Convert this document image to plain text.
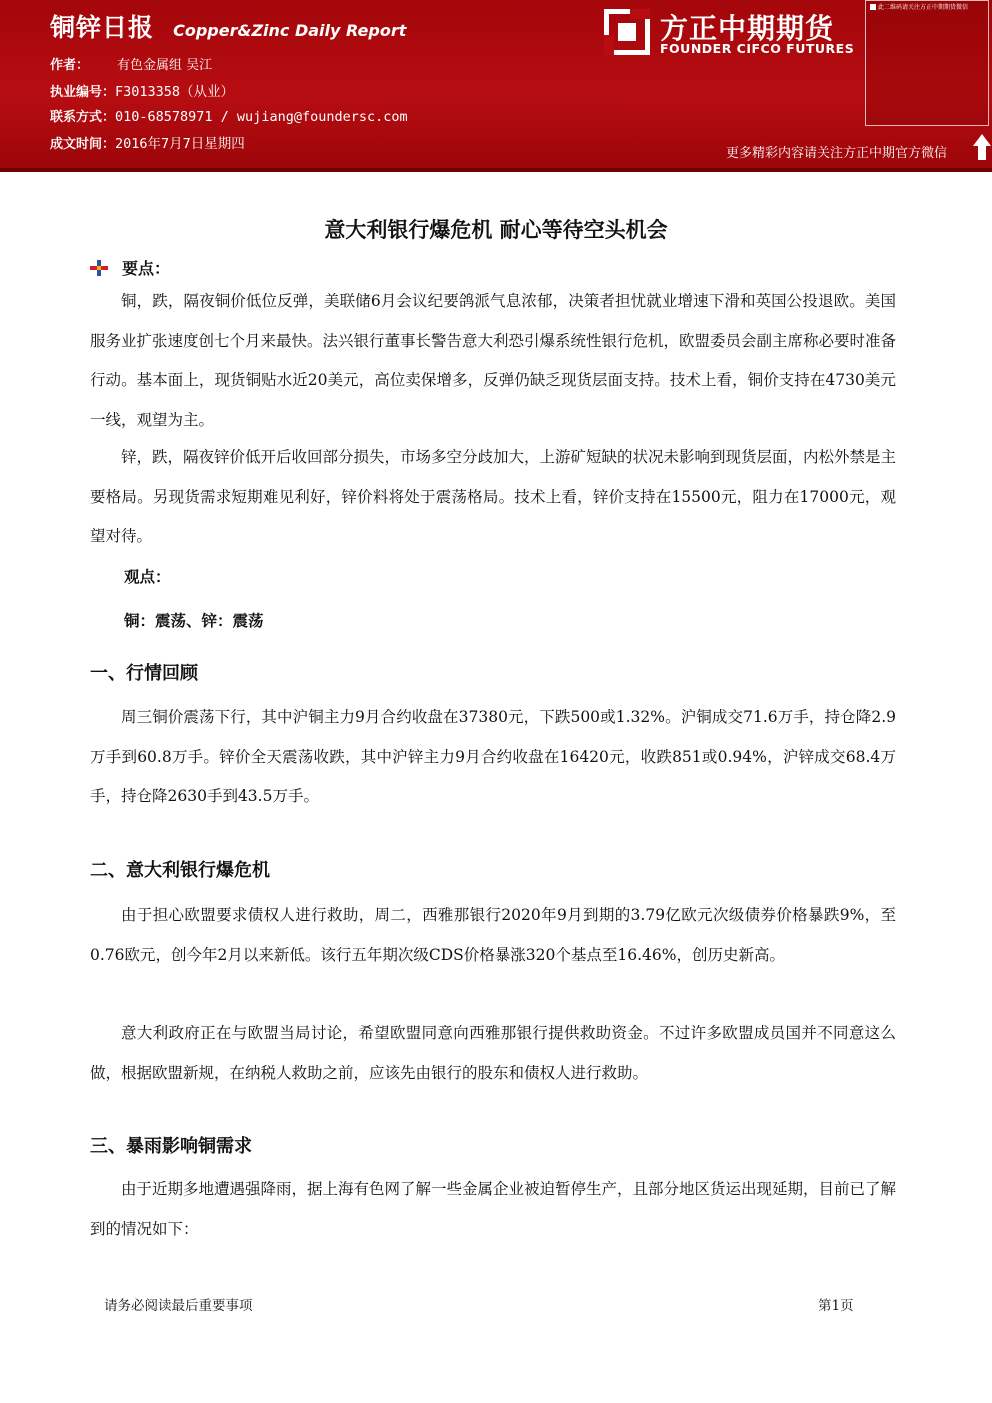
铜锌日报 Copper&Zinc Daily Report
作者： 有色金属组 吴江
执业编号：F3013358（从业）
联系方式：010-68578971 / wujiang@foundersc.com
成文时间：2016年7月7日星期四
方正中期期货
FOUNDER CIFCO FUTURES
此二维码请关注方正中期期货微信
更多精彩内容请关注方正中期官方微信
意大利银行爆危机 耐心等待空头机会
要点：
铜，跌，隔夜铜价低位反弹，美联储6月会议纪要鸽派气息浓郁，决策者担忧就业增速下滑和英国公投退欧。美国服务业扩张速度创七个月来最快。法兴银行董事长警告意大利恐引爆系统性银行危机，欧盟委员会副主席称必要时准备行动。基本面上，现货铜贴水近20美元，高位卖保增多，反弹仍缺乏现货层面支持。技术上看，铜价支持在4730美元一线，观望为主。
锌，跌，隔夜锌价低开后收回部分损失，市场多空分歧加大，上游矿短缺的状况未影响到现货层面，内松外禁是主要格局。另现货需求短期难见利好，锌价料将处于震荡格局。技术上看，锌价支持在15500元，阻力在17000元，观望对待。
观点：
铜：震荡、锌：震荡
一、行情回顾
周三铜价震荡下行，其中沪铜主力9月合约收盘在37380元，下跌500或1.32%。沪铜成交71.6万手，持仓降2.9万手到60.8万手。锌价全天震荡收跌，其中沪锌主力9月合约收盘在16420元，收跌851或0.94%，沪锌成交68.4万手，持仓降2630手到43.5万手。
二、意大利银行爆危机
由于担心欧盟要求债权人进行救助，周二，西雅那银行2020年9月到期的3.79亿欧元次级债券价格暴跌9%，至0.76欧元，创今年2月以来新低。该行五年期次级CDS价格暴涨320个基点至16.46%，创历史新高。
意大利政府正在与欧盟当局讨论，希望欧盟同意向西雅那银行提供救助资金。不过许多欧盟成员国并不同意这么做，根据欧盟新规，在纳税人救助之前，应该先由银行的股东和债权人进行救助。
三、暴雨影响铜需求
由于近期多地遭遇强降雨，据上海有色网了解一些金属企业被迫暂停生产，且部分地区货运出现延期，目前已了解到的情况如下：
请务必阅读最后重要事项	第1页
